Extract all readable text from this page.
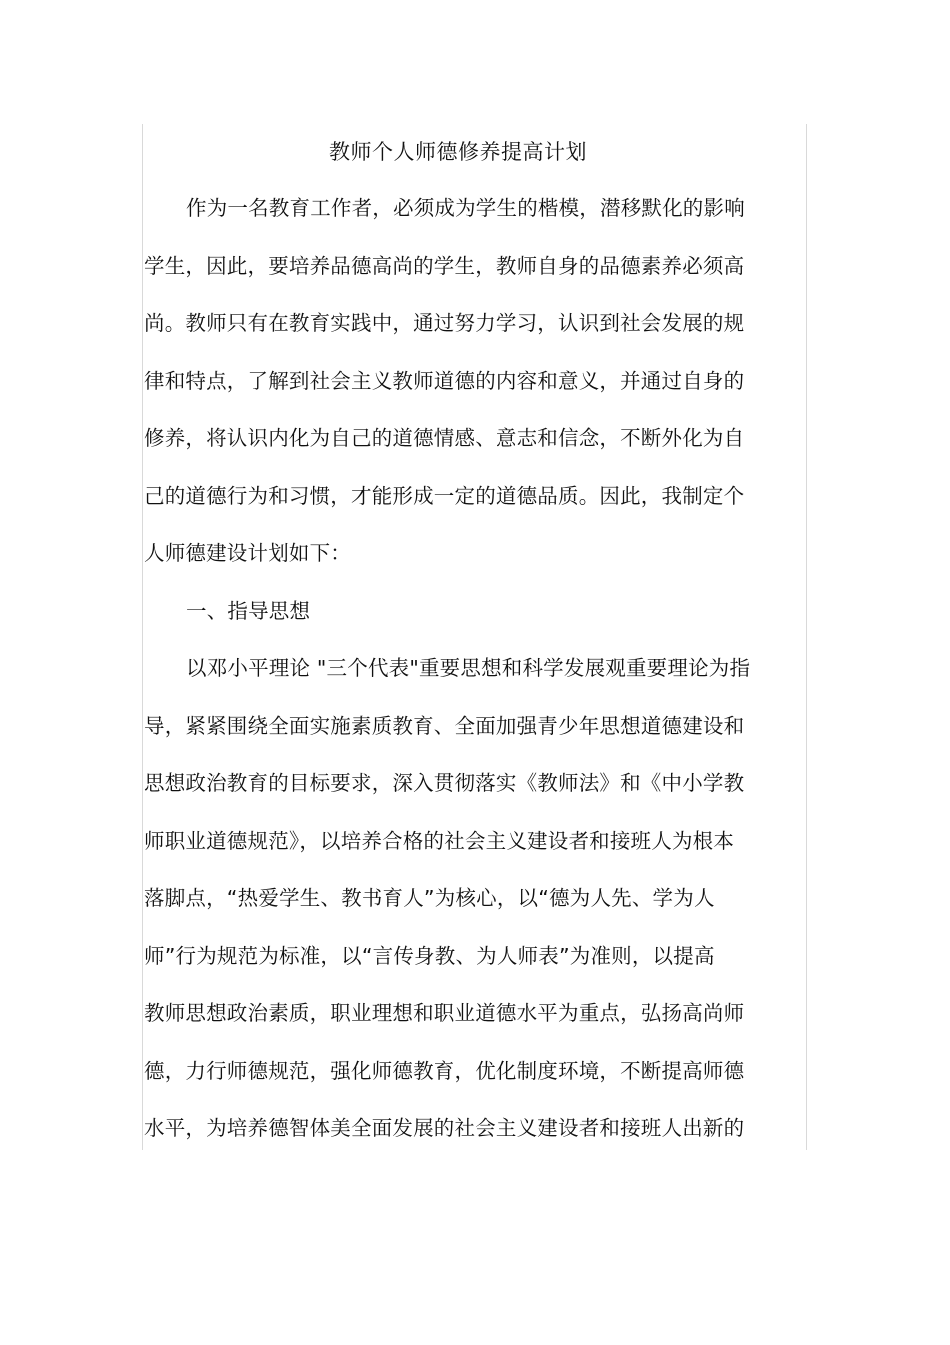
教师个人师德修养提高计划
作为一名教育工作者，必须成为学生的楷模，潜移默化的影响
学生，因此，要培养品德高尚的学生，教师自身的品德素养必须高
尚。教师只有在教育实践中，通过努力学习，认识到社会发展的规
律和特点，了解到社会主义教师道德的内容和意义，并通过自身的
修养，将认识内化为自己的道德情感、意志和信念，不断外化为自
己的道德行为和习惯，才能形成一定的道德品质。因此，我制定个
人师德建设计划如下：
一、指导思想
以邓小平理论 "三个代表"重要思想和科学发展观重要理论为指
导，紧紧围绕全面实施素质教育、全面加强青少年思想道德建设和
思想政治教育的目标要求，深入贯彻落实《教师法》和《中小学教
师职业道德规范》，以培养合格的社会主义建设者和接班人为根本
落脚点，“热爱学生、教书育人”为核心，以“德为人先、学为人
师”行为规范为标准，以“言传身教、为人师表”为准则，以提高
教师思想政治素质，职业理想和职业道德水平为重点，弘扬高尚师
德，力行师德规范，强化师德教育，优化制度环境，不断提高师德
水平，为培养德智体美全面发展的社会主义建设者和接班人出新的
